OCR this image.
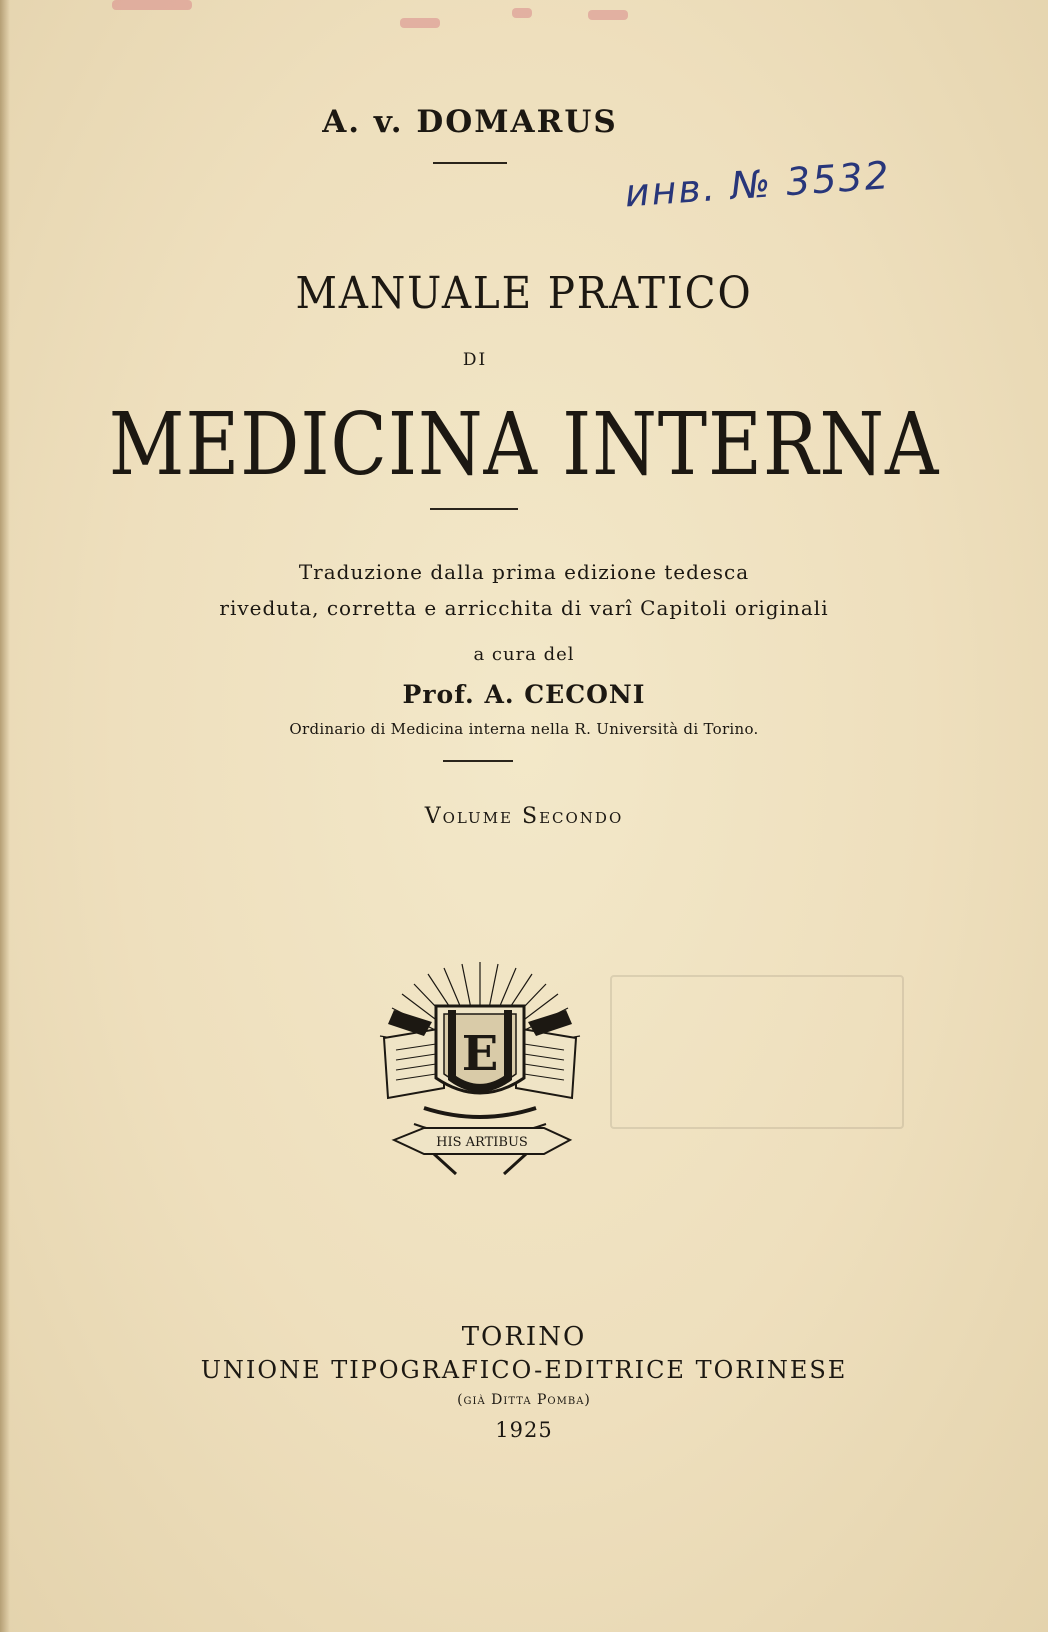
A. v. DOMARUS
инв. № 3532
MANUALE PRATICO
DI
MEDICINA INTERNA
Traduzione dalla prima edizione tedesca
riveduta, corretta e arricchita di varî Capitoli originali
a cura del
Prof. A. CECONI
Ordinario di Medicina interna nella R. Università di Torino.
Volume Secondo
E
HIS ARTIBUS
TORINO
UNIONE TIPOGRAFICO-EDITRICE TORINESE
(già Ditta Pomba)
1925
